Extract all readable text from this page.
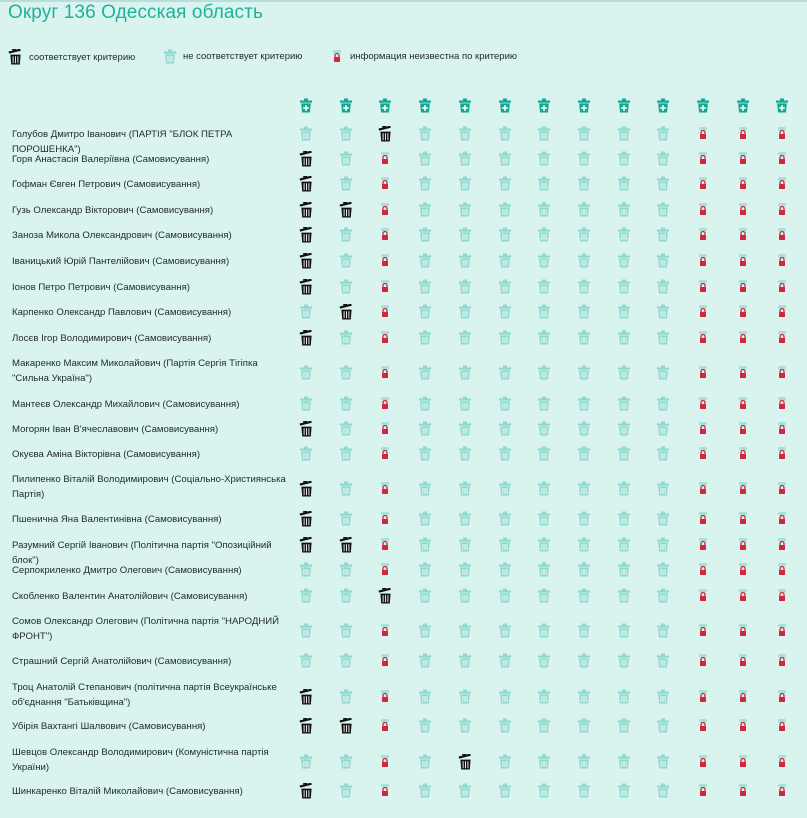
Округ 136 Одесская область
соответствует критерию	не соответствует критерию	информация неизвестна по критерию
Голубов Дмитро Іванович (ПАРТІЯ "БЛОК ПЕТРА ПОРОШЕНКА")
Горя Анастасія Валеріївна (Самовисування)
Гофман Євген Петрович (Самовисування)
Гузь Олександр Вікторович (Самовисування)
Заноза Микола Олександрович (Самовисування)
Іваницький Юрій Пантелійович (Самовисування)
Іонов Петро Петрович (Самовисування)
Карпенко Олександр Павлович (Самовисування)
Лосєв Ігор Володимирович (Самовисування)
Макаренко Максим Миколайович (Партія Сергія Тігіпка "Сильна Україна")
Мантеєв Олександр Михайлович (Самовисування)
Могорян Іван В'ячеславович (Самовисування)
Окуєва Аміна Вікторівна (Самовисування)
Пилипенко Віталій Володимирович (Соціально-Християнська Партія)
Пшенична Яна Валентинівна (Самовисування)
Разумний Сергій Іванович (Політична партія "Опозиційний блок")
Серпокриленко Дмитро Олегович (Самовисування)
Скобленко Валентин Анатолійович (Самовисування)
Сомов Олександр Олегович (Політична партія "НАРОДНИЙ ФРОНТ")
Страшний Сергій Анатолійович (Самовисування)
Троц Анатолій Степанович (політична партія Всеукраїнське об'єднання "Батьківщина")
Убірія Вахтангі Шалвович (Самовисування)
Шевцов Олександр Володимирович (Комуністична партія України)
Шинкаренко Віталій Миколайович (Самовисування)
